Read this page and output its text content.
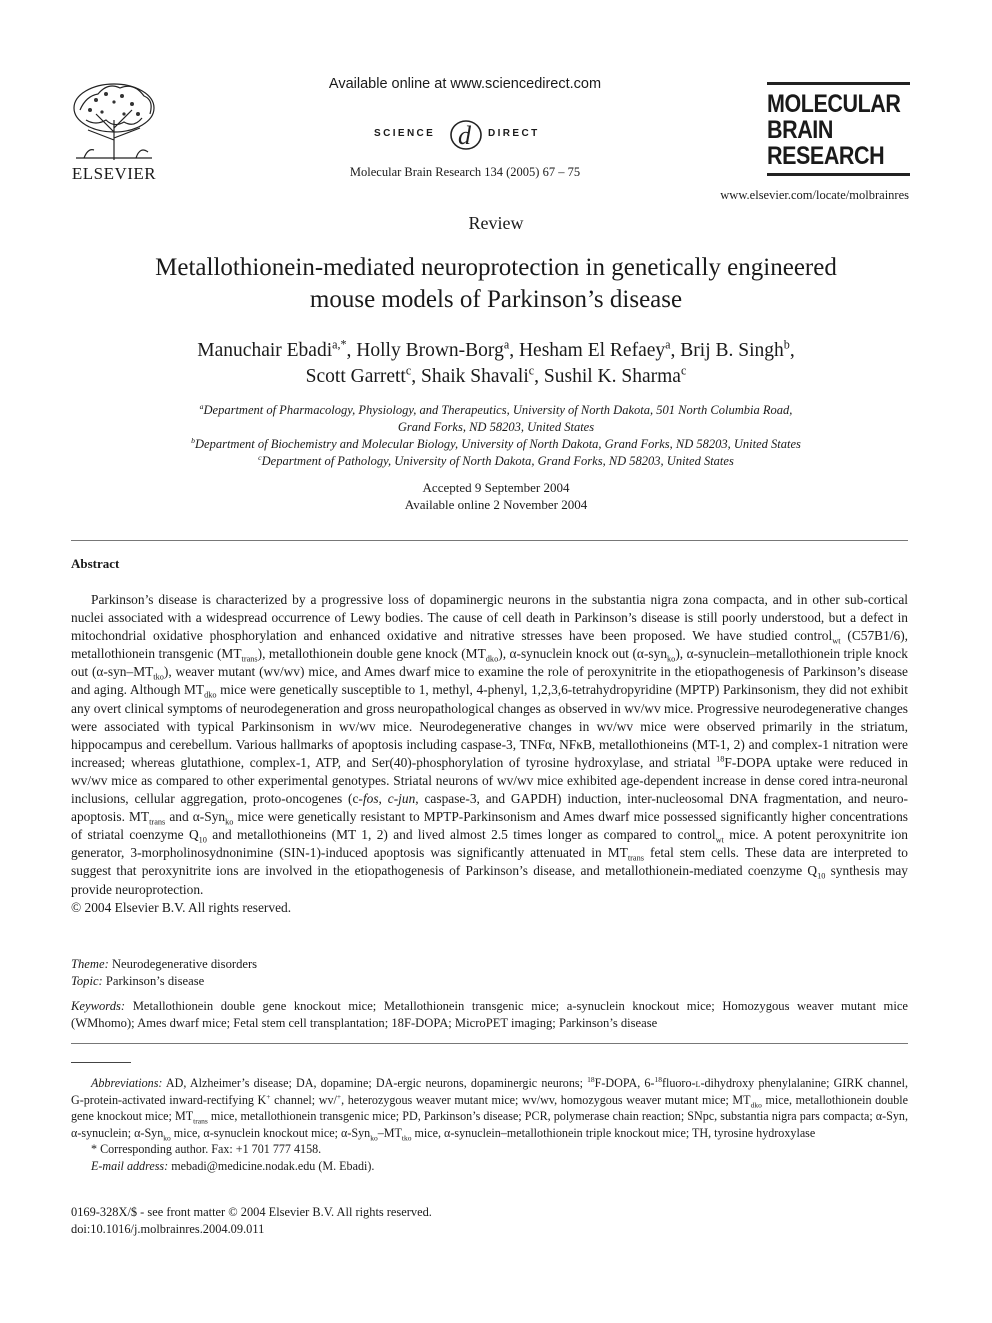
ELSEVIER
Available online at www.sciencedirect.com
SCIENCE d DIRECT
Molecular Brain Research 134 (2005) 67 – 75
MOLECULAR
BRAIN
RESEARCH
www.elsevier.com/locate/molbrainres
Review
Metallothionein-mediated neuroprotection in genetically engineered
mouse models of Parkinson’s disease
Manuchair Ebadi$^{a,*}$, Holly Brown-Borg$^a$, Hesham El Refaey$^a$, Brij B. Singh$^b$,
Scott Garrett$^c$, Shaik Shavali$^c$, Sushil K. Sharma$^c$
$^a$Department of Pharmacology, Physiology, and Therapeutics, University of North Dakota, 501 North Columbia Road,
Grand Forks, ND 58203, United States
$^b$Department of Biochemistry and Molecular Biology, University of North Dakota, Grand Forks, ND 58203, United States
$^c$Department of Pathology, University of North Dakota, Grand Forks, ND 58203, United States
Accepted 9 September 2004
Available online 2 November 2004
Abstract
Parkinson’s disease is characterized by a progressive loss of dopaminergic neurons in the substantia nigra zona compacta, and in other sub-cortical nuclei associated with a widespread occurrence of Lewy bodies. The cause of cell death in Parkinson’s disease is still poorly understood, but a defect in mitochondrial oxidative phosphorylation and enhanced oxidative and nitrative stresses have been proposed. We have studied control$_{wt}$ (C57B1/6), metallothionein transgenic $(MT_{trans})$, metallothionein double gene knock $(MT_{dko})$, α-synuclein knock out (α-syn$_{ko}$), α-synuclein–metallothionein triple knock out $(\alpha-syn-MT_{tko})$, weaver mutant (wv/wv) mice, and Ames dwarf mice to examine the role of peroxynitrite in the etiopathogenesis of Parkinson’s disease and aging. Although $MT_{dko}$ mice were genetically susceptible to 1, methyl, 4-phenyl, 1,2,3,6-tetrahydropyridine (MPTP) Parkinsonism, they did not exhibit any overt clinical symptoms of neurodegeneration and gross neuropathological changes as observed in wv/wv mice. Progressive neurodegenerative changes were associated with typical Parkinsonism in wv/wv mice. Neurodegenerative changes in wv/wv mice were observed primarily in the striatum, hippocampus and cerebellum. Various hallmarks of apoptosis including caspase-3, TNFα, NFκB, metallothioneins (MT-1, 2) and complex-1 nitration were increased; whereas glutathione, complex-1, ATP, and Ser(40)-phosphorylation of tyrosine hydroxylase, and striatal $^{18}$F-DOPA uptake were reduced in wv/wv mice as compared to other experimental genotypes. Striatal neurons of wv/wv mice exhibited age-dependent increase in dense cored intra-neuronal inclusions, cellular aggregation, proto-oncogenes (c-fos, c-jun, caspase-3, and GAPDH) induction, inter-nucleosomal DNA fragmentation, and neuro-apoptosis. $MT_{trans}$ and α-Syn$_{ko}$ mice were genetically resistant to MPTP-Parkinsonism and Ames dwarf mice possessed significantly higher concentrations of striatal coenzyme $Q_{10}$ and metallothioneins (MT 1, 2) and lived almost 2.5 times longer as compared to control$_{wt}$ mice. A potent peroxynitrite ion generator, 3-morpholinosydnonimine (SIN-1)-induced apoptosis was significantly attenuated in $MT_{trans}$ fetal stem cells. These data are interpreted to suggest that peroxynitrite ions are involved in the etiopathogenesis of Parkinson’s disease, and metallothionein-mediated coenzyme $Q_{10}$ synthesis may provide neuroprotection.
© 2004 Elsevier B.V. All rights reserved.
Theme: Neurodegenerative disorders
Topic: Parkinson’s disease
Keywords: Metallothionein double gene knockout mice; Metallothionein transgenic mice; a-synuclein knockout mice; Homozygous weaver mutant mice (WMhomo); Ames dwarf mice; Fetal stem cell transplantation; 18F-DOPA; MicroPET imaging; Parkinson’s disease

Abbreviations: AD, Alzheimer’s disease; DA, dopamine; DA-ergic neurons, dopaminergic neurons; $^{18}$F-DOPA, 6-$^{18}$fluoro-l-dihydroxy phenylalanine; GIRK channel, G-protein-activated inward-rectifying K+ channel; wv/+, heterozygous weaver mutant mice; wv/wv, homozygous weaver mutant mice; $MT_{dko}$ mice, metallothionein double gene knockout mice; $MT_{trans}$ mice, metallothionein transgenic mice; PD, Parkinson’s disease; PCR, polymerase chain reaction; SNpc, substantia nigra pars compacta; α-Syn, α-synuclein; α-Syn$_{ko}$ mice, α-synuclein knockout mice; $\alpha-Syn_{ko}-MT_{tko}$ mice, α-synuclein–metallothionein triple knockout mice; TH, tyrosine hydroxylase

* Corresponding author. Fax: +1 701 777 4158.

E-mail address: mebadi@medicine.nodak.edu (M. Ebadi).

0169-328X/$ - see front matter © 2004 Elsevier B.V. All rights reserved.
doi:10.1016/j.molbrainres.2004.09.011
